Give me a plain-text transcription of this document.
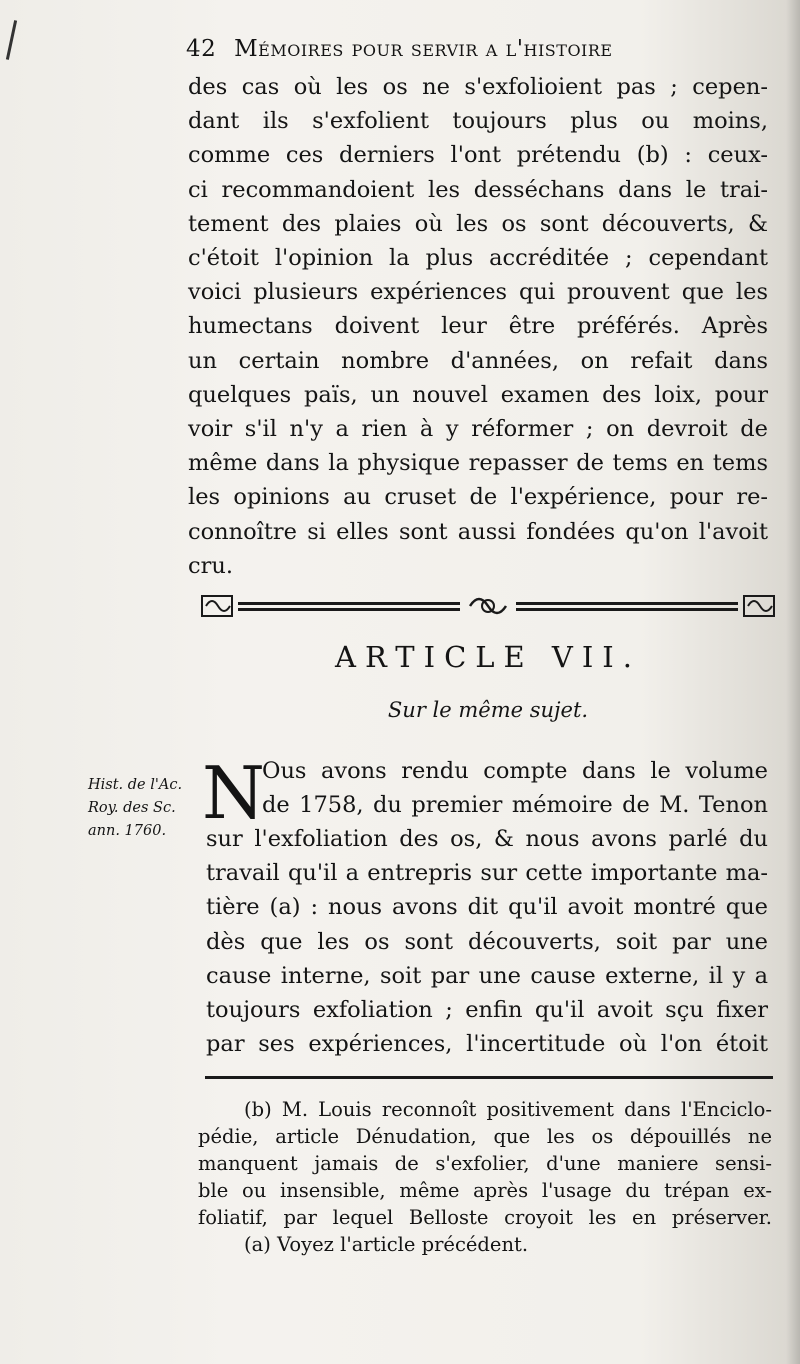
42 Mémoires pour servir a l'histoire
des cas où les os ne s'exfolioient pas ; cepen-
dant ils s'exfolient toujours plus ou moins,
comme ces derniers l'ont prétendu (b) : ceux-
ci recommandoient les desséchans dans le trai-
tement des plaies où les os sont découverts, &
c'étoit l'opinion la plus accréditée ; cependant
voici plusieurs expériences qui prouvent que les
humectans doivent leur être préférés. Après
un certain nombre d'années, on refait dans
quelques païs, un nouvel examen des loix, pour
voir s'il n'y a rien à y réformer ; on devroit de
même dans la physique repasser de tems en tems
les opinions au cruset de l'expérience, pour re-
connoître si elles sont aussi fondées qu'on l'avoit
cru.
ARTICLE VII.
Sur le même sujet.
Hist. de l'Ac.
Roy. des Sc.
ann. 1760. N
Ous avons rendu compte dans le volume
de 1758, du premier mémoire de M. Tenon
sur l'exfoliation des os, & nous avons parlé du
travail qu'il a entrepris sur cette importante ma-
tière (a) : nous avons dit qu'il avoit montré que
dès que les os sont découverts, soit par une
cause interne, soit par une cause externe, il y a
toujours exfoliation ; enfin qu'il avoit sçu fixer
par ses expériences, l'incertitude où l'on étoit
(b) M. Louis reconnoît positivement dans l'Enciclo-
pédie, article Dénudation, que les os dépouillés ne
manquent jamais de s'exfolier, d'une maniere sensi-
ble ou insensible, même après l'usage du trépan ex-
foliatif, par lequel Belloste croyoit les en préserver.
(a) Voyez l'article précédent.
